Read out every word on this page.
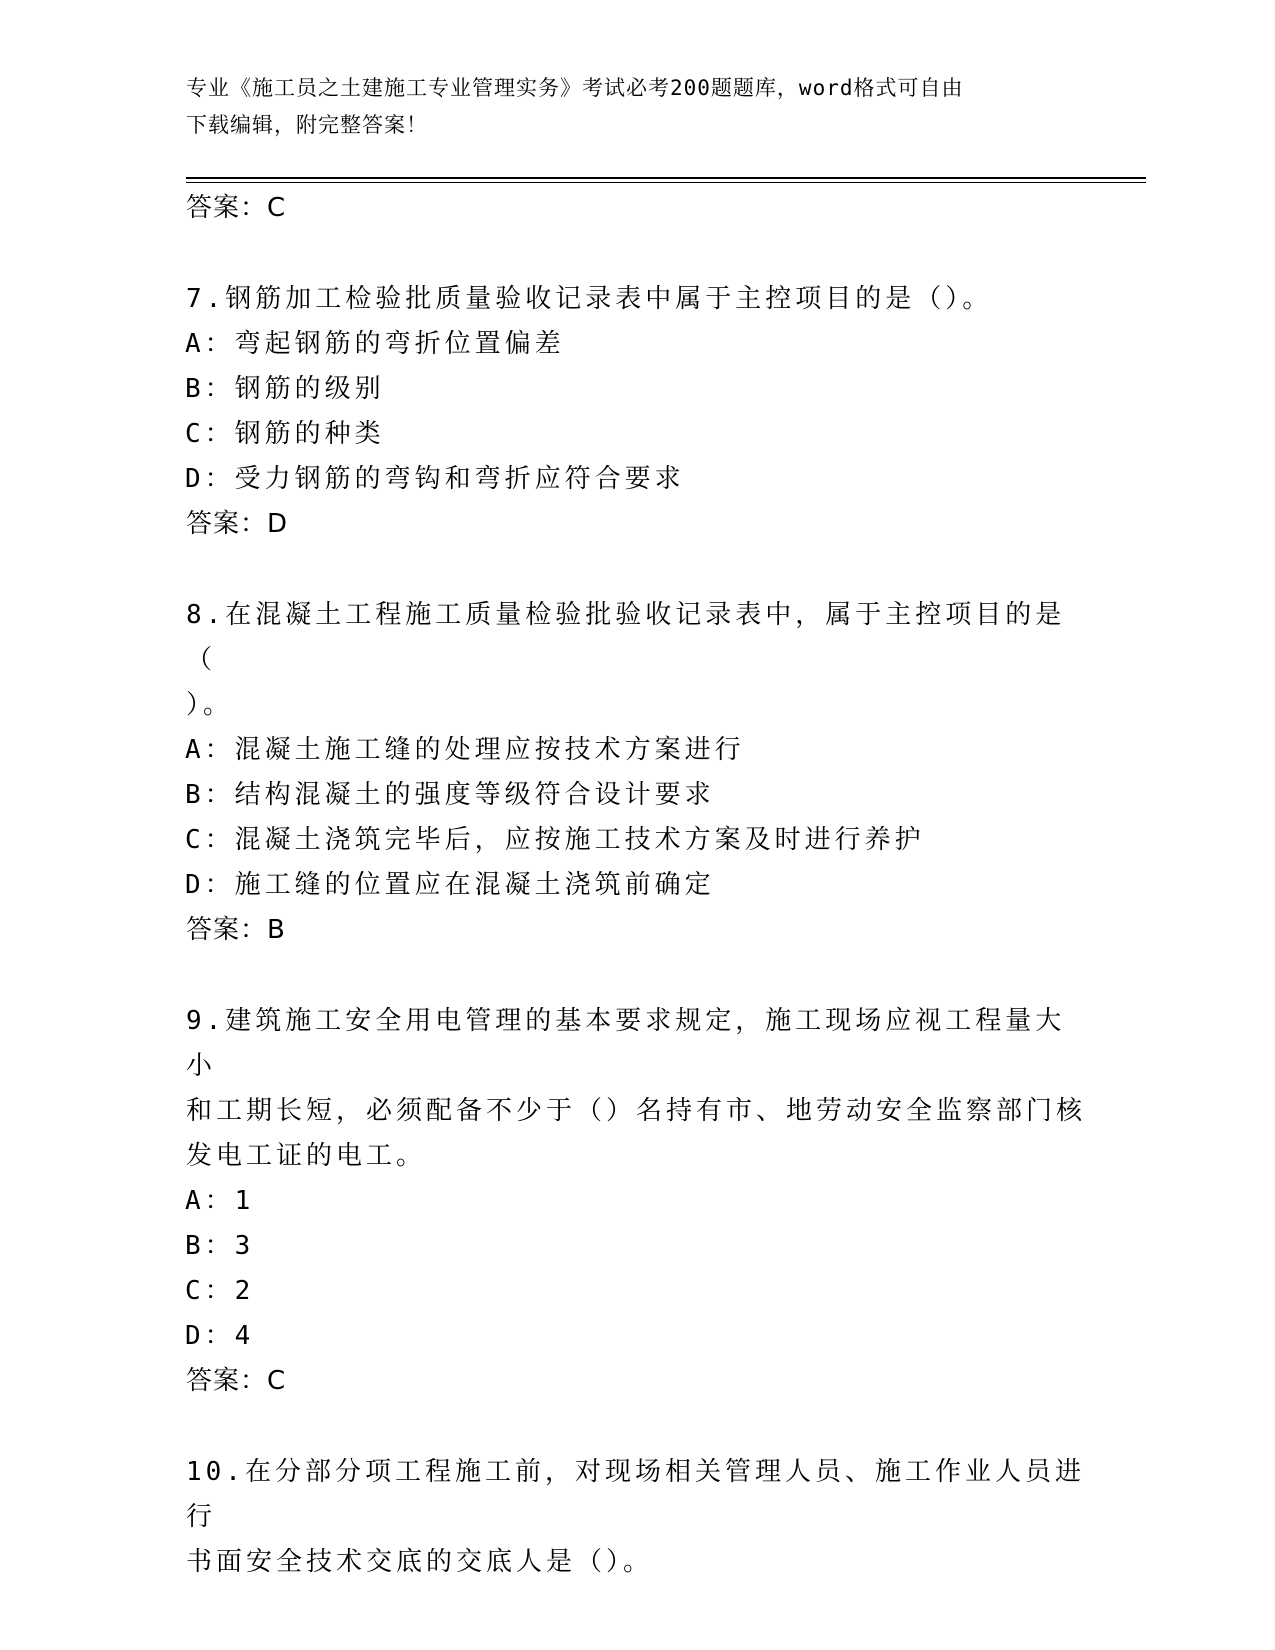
专业《施工员之土建施工专业管理实务》考试必考200题题库，word格式可自由
下载编辑，附完整答案！
答案：C
7.钢筋加工检验批质量验收记录表中属于主控项目的是（）。
A：弯起钢筋的弯折位置偏差
B：钢筋的级别
C：钢筋的种类
D：受力钢筋的弯钩和弯折应符合要求
答案：D
8.在混凝土工程施工质量检验批验收记录表中，属于主控项目的是（
）。
A：混凝土施工缝的处理应按技术方案进行
B：结构混凝土的强度等级符合设计要求
C：混凝土浇筑完毕后，应按施工技术方案及时进行养护
D：施工缝的位置应在混凝土浇筑前确定
答案：B
9.建筑施工安全用电管理的基本要求规定，施工现场应视工程量大小
和工期长短，必须配备不少于（）名持有市、地劳动安全监察部门核
发电工证的电工。
A：1
B：3
C：2
D：4
答案：C
10.在分部分项工程施工前，对现场相关管理人员、施工作业人员进行
书面安全技术交底的交底人是（）。
